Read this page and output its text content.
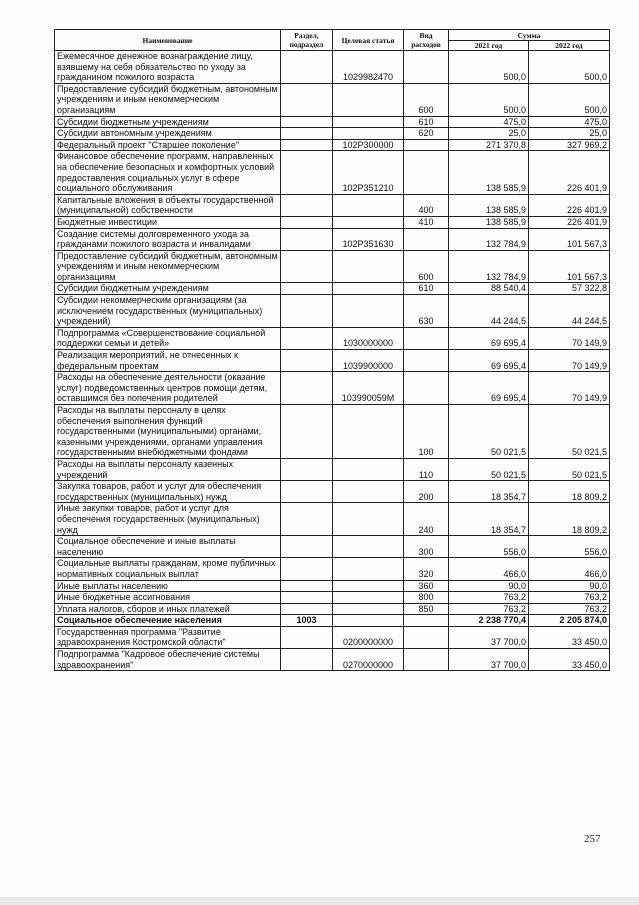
Наименование	Раздел, подраздел	Целевая статья	Вид расходов	Сумма	
				2021 год	2022 год
Ежемесячное денежное вознаграждение лицу, взявшему на себя обязательство по уходу за гражданином пожилого возраста		1029982470		500,0	500,0
Предоставление субсидий бюджетным, автономным учреждениям и иным некоммерческим организациям			600	500,0	500,0
Субсидии бюджетным учреждениям			610	475,0	475,0
Субсидии автономным учреждениям			620	25,0	25,0
Федеральный проект "Старшее поколение"		102P300000		271 370,8	327 969,2
Финансовое обеспечение программ, направленных на обеспечение безопасных и комфортных условий предоставления социальных услуг в сфере социального обслуживания		102P351210		138 585,9	226 401,9
Капитальные вложения в объекты государственной (муниципальной) собственности			400	138 585,9	226 401,9
Бюджетные инвестиции			410	138 585,9	226 401,9
Создание системы долговременного ухода за гражданами пожилого возраста и инвалидами		102P351630		132 784,9	101 567,3
Предоставление субсидий бюджетным, автономным учреждениям и иным некоммерческим организациям			600	132 784,9	101 567,3
Субсидии бюджетным учреждениям			610	88 540,4	57 322,8
Субсидии некоммерческим организациям (за исключением государственных (муниципальных) учреждений)			630	44 244,5	44 244,5
Подпрограмма «Совершенствование социальной поддержки семьи и детей»		1030000000		69 695,4	70 149,9
Реализация мероприятий, не отнесенных к федеральным проектам		1039900000		69 695,4	70 149,9
Расходы на обеспечение деятельности (оказание услуг) подведомственных центров помощи детям, оставшимся без попечения родителей		103990059М		69 695,4	70 149,9
Расходы на выплаты персоналу в целях обеспечения выполнения функций государственными (муниципальными) органами, казенными учреждениями, органами управления государственными внебюджетными фондами			100	50 021,5	50 021,5
Расходы на выплаты персоналу казенных учреждений			110	50 021,5	50 021,5
Закупка товаров, работ и услуг для обеспечения государственных (муниципальных) нужд			200	18 354,7	18 809,2
Иные закупки товаров, работ и услуг для обеспечения государственных (муниципальных) нужд			240	18 354,7	18 809,2
Социальное обеспечение и иные выплаты населению			300	556,0	556,0
Социальные выплаты гражданам, кроме публичных нормативных социальных выплат			320	466,0	466,0
Иные выплаты населению			360	90,0	90,0
Иные бюджетные ассигнования			800	763,2	763,2
Уплата налогов, сборов и иных платежей			850	763,2	763,2
Социальное обеспечение населения	1003			2 238 770,4	2 205 874,0
Государственная программа "Развитие здравоохранения Костромской области"		0200000000		37 700,0	33 450,0
Подпрограмма "Кадровое обеспечение системы здравоохранения"		0270000000		37 700,0	33 450,0
257
